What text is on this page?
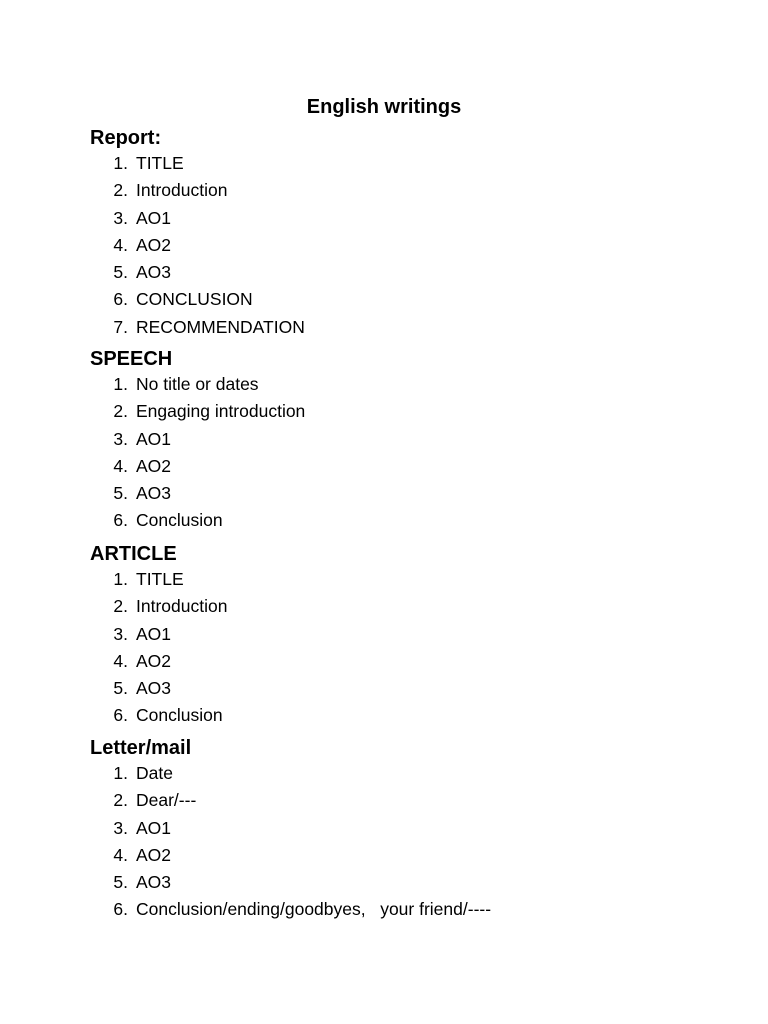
English writings
Report:
1. TITLE
2. Introduction
3. AO1
4. AO2
5. AO3
6. CONCLUSION
7. RECOMMENDATION
SPEECH
1. No title or dates
2. Engaging introduction
3. AO1
4. AO2
5. AO3
6. Conclusion
ARTICLE
1. TITLE
2. Introduction
3. AO1
4. AO2
5. AO3
6. Conclusion
Letter/mail
1. Date
2. Dear/---
3. AO1
4. AO2
5. AO3
6. Conclusion/ending/goodbyes,   your friend/----
